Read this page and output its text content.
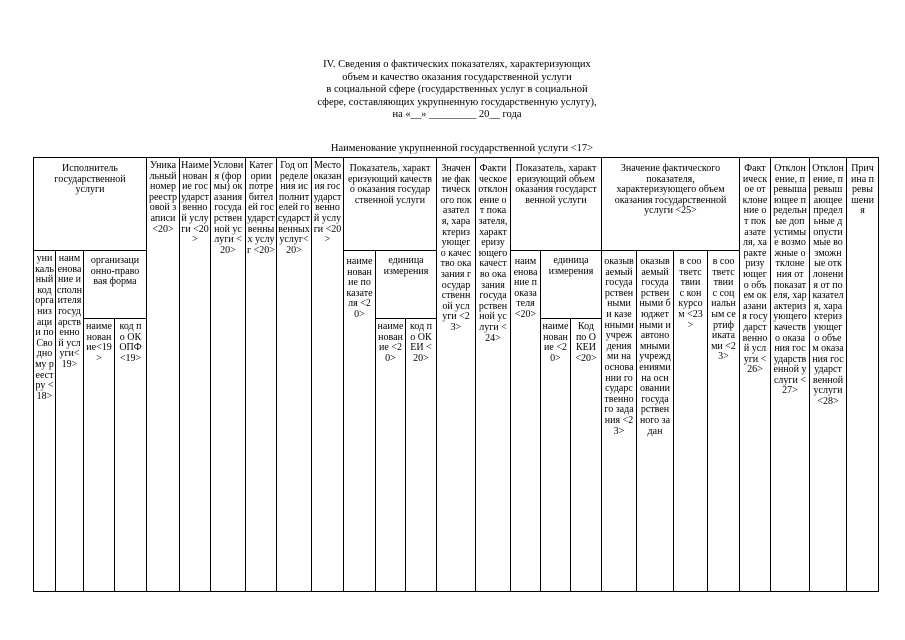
IV. Сведения о фактических показателях, характеризующих
объем и качество оказания государственной услуги
в социальной сфере (государственных услуг в социальной
сфере, составляющих укрупненную государственную услугу),
на «__» _________ 20__ года
Наименование укрупненной государственной услуги <17>
Исполнитель государственной услуги
уникальный код организации по Сводному реестру <18>
наименование исполнителя государственной услуги<19>
организационно-правовая форма
наименование<19>
код по ОКОПФ<19>
Уникальный номер реестровой записи <20>
Наименование государственной услуги <20>
Условия (формы) оказания государственной услуги <20>
Категории потребителей государственных услуг <20>
Год определения исполнителей государственных услуг<20>
Место оказания государственной услуги <20>
Показатель, характеризующий качество оказания государственной услуги
наименование показателя <20>
единица измерения
наименование <20>
код по ОКЕИ <20>
Значение фактического показателя, характеризующего качество оказания государственной услуги <23>
Фактическое отклонение от показателя, характеризующего качество оказания государственной услуги <24>
Показатель, характеризующий объем оказания государственной услуги
наименование показателя <20>
единица измерения
наименование <20>
Код по ОКЕИ <20>
Значение фактического показателя, характеризующего объем оказания государственной услуги <25>
оказываемый государственными и казенными учреждениями на основании государственного задания <23>
оказываемый государственными бюджетными и автономными учреждениями на основании государственного задан
в соответствии с конкурсом <23>
в соответствии с социальным сертификатами <23>
Фактическое отклонение от показателя, характеризующего объем оказания государственной услуги <26>
Отклонение, превышающее предельные допустимые возможные отклонения от показателя, характеризующего качество оказания государственной услуги <27>
Отклонение, превышающее предельные допустимые возможные отклонения от показателя, характеризующего объем оказания государственной услуги <28>
Причина превышения
